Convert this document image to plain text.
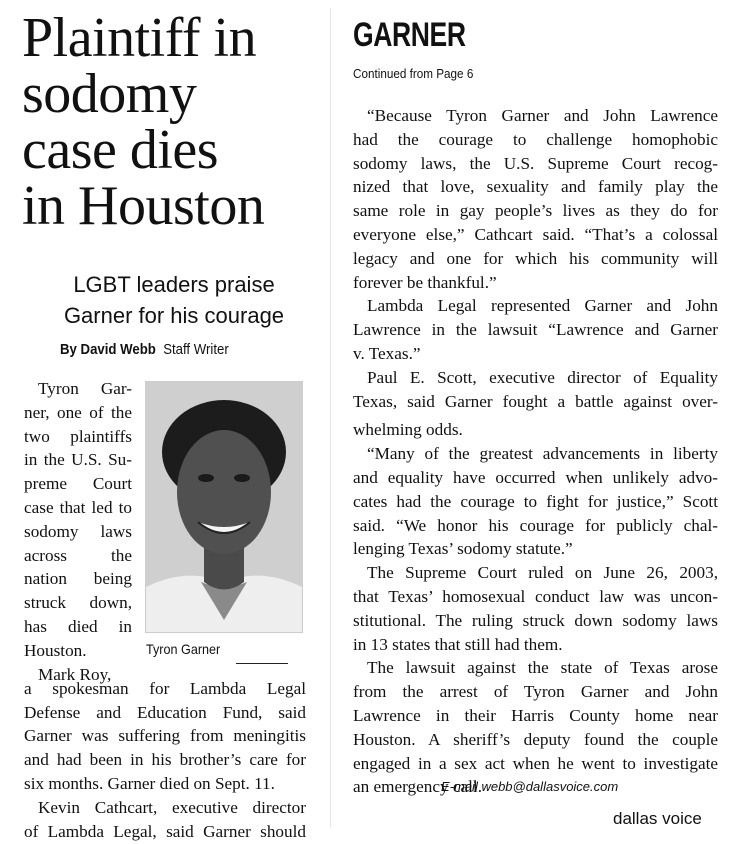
Plaintiff in
sodomy
case dies
in Houston
LGBT leaders praise
Garner for his courage
By David Webb Staff Writer
Tyron Gar-
ner, one of the
two plaintiffs
in the U.S. Su-
preme Court
case that led to
sodomy laws
across the
nation being
struck down,
has died in
Houston.
Mark Roy,
Tyron Garner
a spokesman for Lambda Legal
Defense and Education Fund, said
Garner was suffering from meningitis
and had been in his brother’s care for
six months. Garner died on Sept. 11.
Kevin Cathcart, executive director
of Lambda Legal, said Garner should
GARNER
Continued from Page 6
“Because Tyron Garner and John Lawrence
had the courage to challenge homophobic
sodomy laws, the U.S. Supreme Court recog-
nized that love, sexuality and family play the
same role in gay people’s lives as they do for
everyone else,” Cathcart said. “That’s a colossal
legacy and one for which his community will
forever be thankful.”
Lambda Legal represented Garner and John
Lawrence in the lawsuit “Lawrence and Garner
v. Texas.”
Paul E. Scott, executive director of Equality
Texas, said Garner fought a battle against over-
whelming odds.
“Many of the greatest advancements in liberty
and equality have occurred when unlikely advo-
cates had the courage to fight for justice,” Scott
said. “We honor his courage for publicly chal-
lenging Texas’ sodomy statute.”
The Supreme Court ruled on June 26, 2003,
that Texas’ homosexual conduct law was uncon-
stitutional. The ruling struck down sodomy laws
in 13 states that still had them.
The lawsuit against the state of Texas arose
from the arrest of Tyron Garner and John
Lawrence in their Harris County home near
Houston. A sheriff’s deputy found the couple
engaged in a sex act when he went to investigate
an emergency call.
E-mail webb@dallasvoice.com
dallas voice
